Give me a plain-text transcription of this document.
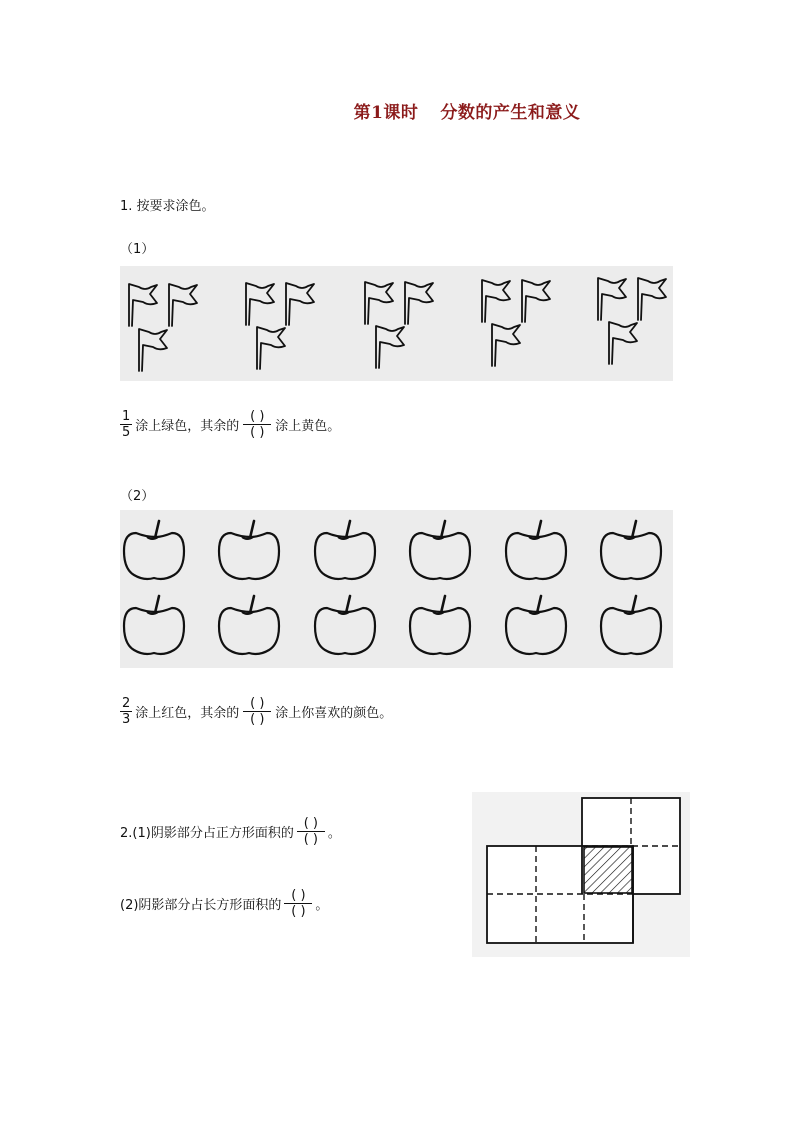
第1课时 分数的产生和意义
1. 按要求涂色。
（1）
$\frac{1}{5}$ 涂上绿色，其余的 $\frac{( )}{( )}$ 涂上黄色。
（2）
$\frac{2}{3}$ 涂上红色，其余的 $\frac{( )}{( )}$ 涂上你喜欢的颜色。
2.(1)阴影部分占正方形面积的 $\frac{( )}{( )}$ 。
(2)阴影部分占长方形面积的 $\frac{( )}{( )}$ 。
